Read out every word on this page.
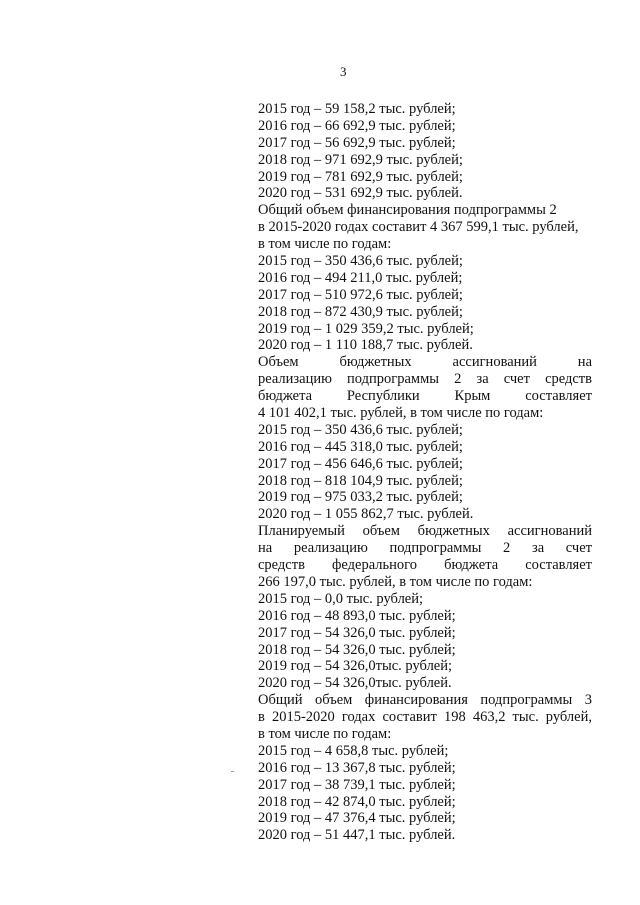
3
2015 год – 59 158,2 тыс. рублей;
2016 год – 66 692,9 тыс. рублей;
2017 год – 56 692,9 тыс. рублей;
2018 год – 971 692,9 тыс. рублей;
2019 год – 781 692,9 тыс. рублей;
2020 год – 531 692,9 тыс. рублей.
Общий объем финансирования подпрограммы 2
в 2015-2020 годах составит 4 367 599,1 тыс. рублей,
в том числе по годам:
2015 год – 350 436,6 тыс. рублей;
2016 год – 494 211,0 тыс. рублей;
2017 год – 510 972,6 тыс. рублей;
2018 год – 872 430,9 тыс. рублей;
2019 год – 1 029 359,2 тыс. рублей;
2020 год – 1 110 188,7 тыс. рублей.
Объем бюджетных ассигнований на
реализацию подпрограммы 2 за счет средств
бюджета Республики Крым составляет
4 101 402,1 тыс. рублей, в том числе по годам:
2015 год – 350 436,6 тыс. рублей;
2016 год – 445 318,0 тыс. рублей;
2017 год – 456 646,6 тыс. рублей;
2018 год – 818 104,9 тыс. рублей;
2019 год – 975 033,2 тыс. рублей;
2020 год – 1 055 862,7 тыс. рублей.
Планируемый объем бюджетных ассигнований
на реализацию подпрограммы 2 за счет
средств федерального бюджета составляет
266 197,0 тыс. рублей, в том числе по годам:
2015 год – 0,0 тыс. рублей;
2016 год – 48 893,0 тыс. рублей;
2017 год – 54 326,0 тыс. рублей;
2018 год – 54 326,0 тыс. рублей;
2019 год – 54 326,0тыс. рублей;
2020 год – 54 326,0тыс. рублей.
Общий объем финансирования подпрограммы 3
в 2015-2020 годах составит 198 463,2 тыс. рублей,
в том числе по годам:
2015 год – 4 658,8 тыс. рублей;
2016 год – 13 367,8 тыс. рублей;
2017 год – 38 739,1 тыс. рублей;
2018 год – 42 874,0 тыс. рублей;
2019 год – 47 376,4 тыс. рублей;
2020 год – 51 447,1 тыс. рублей.
